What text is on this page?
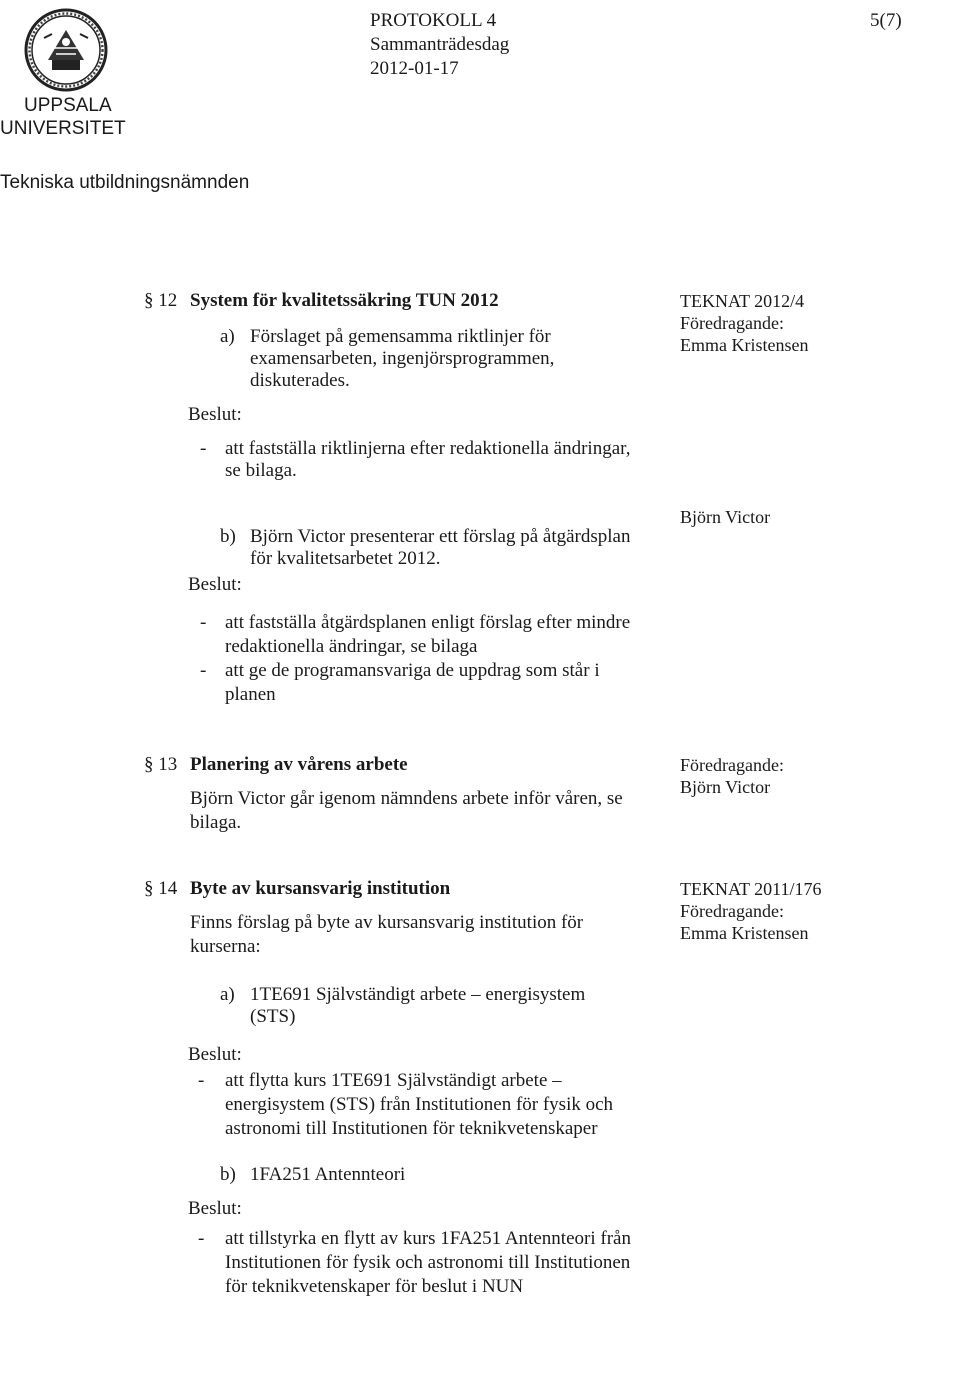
UPPSALA
UNIVERSITET
Tekniska utbildningsnämnden
PROTOKOLL 4
Sammanträdesdag
2012-01-17
5(7)
§ 12 System för kvalitetssäkring TUN 2012	TEKNAT 2012/4
Föredragande:
Emma Kristensen
a) Förslaget på gemensamma riktlinjer för
examensarbeten, ingenjörsprogrammen,
diskuterades.
Beslut:
- att fastställa riktlinjerna efter redaktionella ändringar,
se bilaga.
Björn Victor
b) Björn Victor presenterar ett förslag på åtgärdsplan
för kvalitetsarbetet 2012.
Beslut:
- att fastställa åtgärdsplanen enligt förslag efter mindre
redaktionella ändringar, se bilaga
- att ge de programansvariga de uppdrag som står i
planen
§ 13 Planering av vårens arbete	Föredragande:
Björn Victor
Björn Victor går igenom nämndens arbete inför våren, se
bilaga.
§ 14 Byte av kursansvarig institution	TEKNAT 2011/176
Föredragande:
Emma Kristensen
Finns förslag på byte av kursansvarig institution för
kurserna:
a) 1TE691 Självständigt arbete – energisystem
(STS)
Beslut:
- att flytta kurs 1TE691 Självständigt arbete –
energisystem (STS) från Institutionen för fysik och
astronomi till Institutionen för teknikvetenskaper
b) 1FA251 Antennteori
Beslut:
- att tillstyrka en flytt av kurs 1FA251 Antennteori från
Institutionen för fysik och astronomi till Institutionen
för teknikvetenskaper för beslut i NUN
